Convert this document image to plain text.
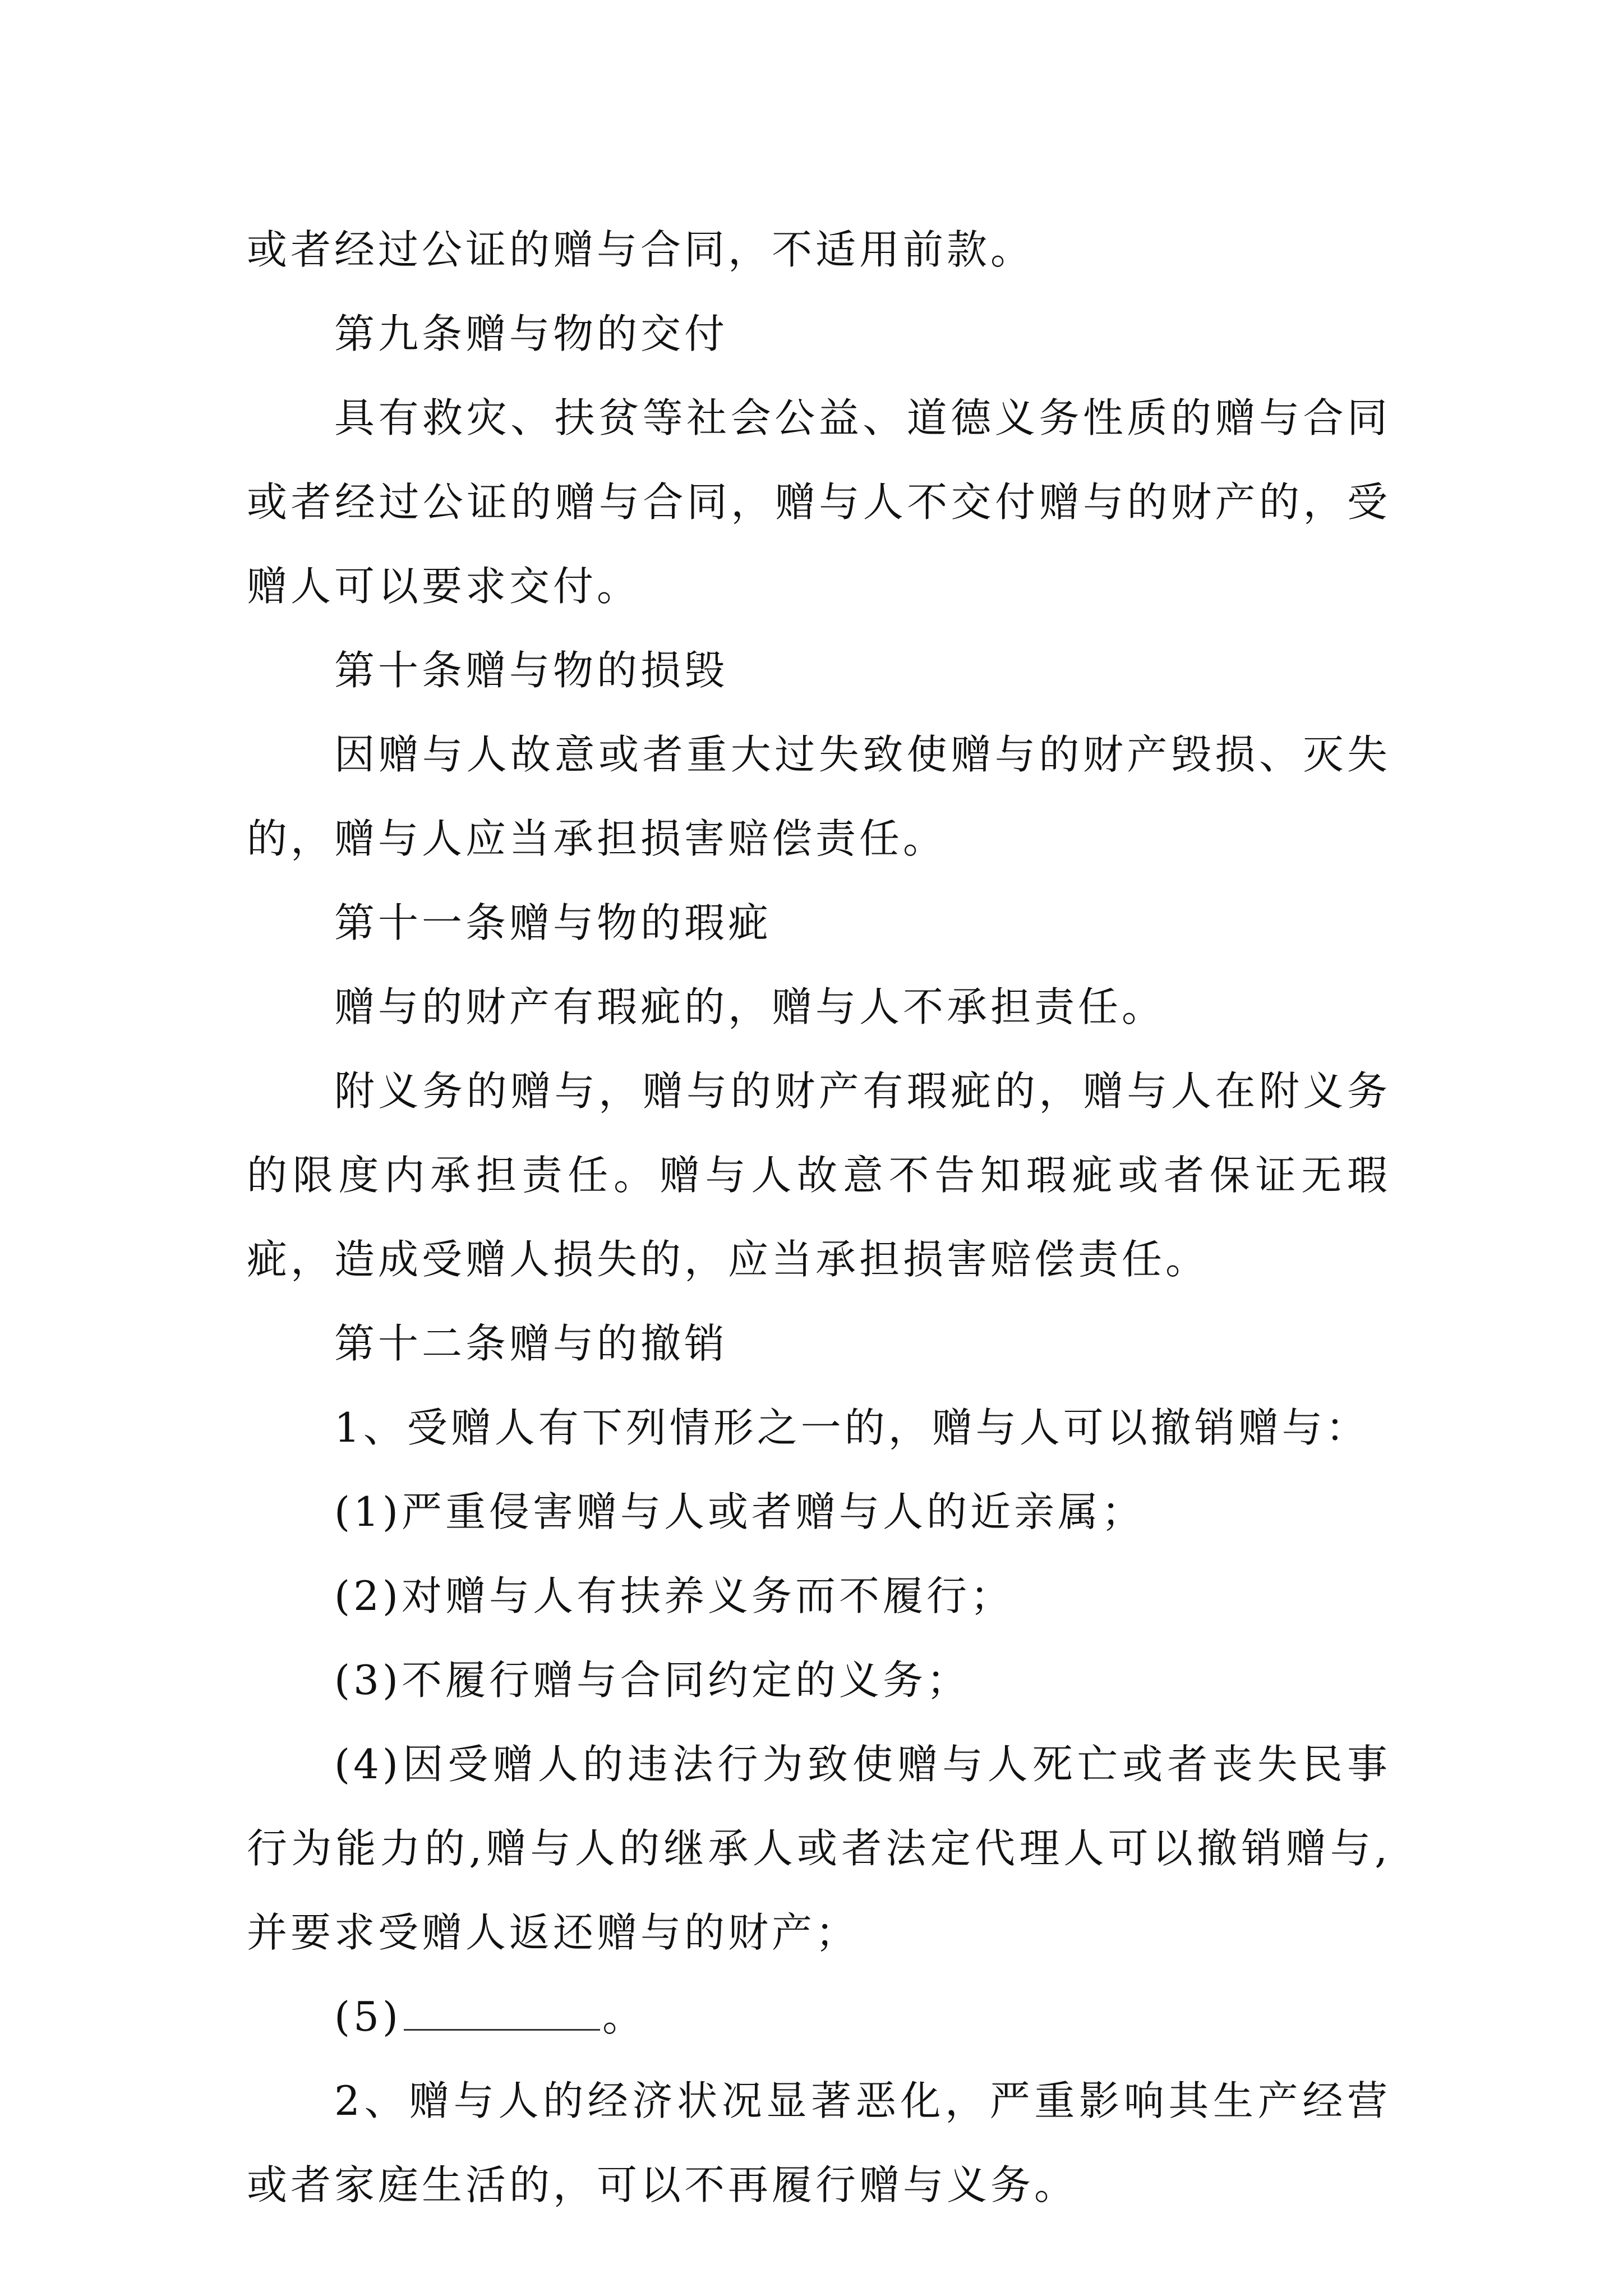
或者经过公证的赠与合同，不适用前款。

第九条赠与物的交付

具有救灾、扶贫等社会公益、道德义务性质的赠与合同或者经过公证的赠与合同，赠与人不交付赠与的财产的，受赠人可以要求交付。

第十条赠与物的损毁

因赠与人故意或者重大过失致使赠与的财产毁损、灭失的，赠与人应当承担损害赔偿责任。

第十一条赠与物的瑕疵

赠与的财产有瑕疵的，赠与人不承担责任。

附义务的赠与，赠与的财产有瑕疵的，赠与人在附义务的限度内承担责任。赠与人故意不告知瑕疵或者保证无瑕疵，造成受赠人损失的，应当承担损害赔偿责任。

第十二条赠与的撤销

1、受赠人有下列情形之一的，赠与人可以撤销赠与：

(1)严重侵害赠与人或者赠与人的近亲属；

(2)对赠与人有扶养义务而不履行；

(3)不履行赠与合同约定的义务；

(4)因受赠人的违法行为致使赠与人死亡或者丧失民事行为能力的,赠与人的继承人或者法定代理人可以撤销赠与,并要求受赠人返还赠与的财产；

(5)	。

2、赠与人的经济状况显著恶化，严重影响其生产经营或者家庭生活的，可以不再履行赠与义务。
